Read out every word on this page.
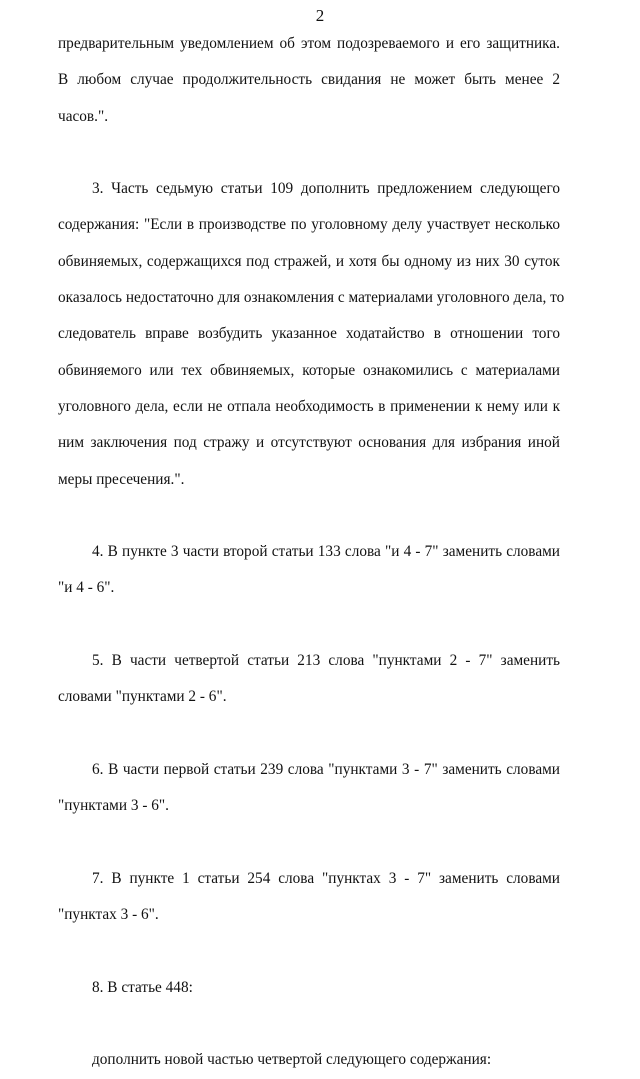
2
предварительным уведомлением об этом подозреваемого и его защитника.
В любом случае продолжительность свидания не может быть менее 2
часов.".
3. Часть седьмую статьи 109 дополнить предложением следующего
содержания: "Если в производстве по уголовному делу участвует несколько
обвиняемых, содержащихся под стражей, и хотя бы одному из них 30 суток
оказалось недостаточно для ознакомления с материалами уголовного дела, то
следователь вправе возбудить указанное ходатайство в отношении того
обвиняемого или тех обвиняемых, которые ознакомились с материалами
уголовного дела, если не отпала необходимость в применении к нему или к
ним заключения под стражу и отсутствуют основания для избрания иной
меры пресечения.".
4. В пункте 3 части второй статьи 133 слова "и 4 - 7" заменить словами
"и 4 - 6".
5. В части четвертой статьи 213 слова "пунктами 2 - 7" заменить
словами "пунктами 2 - 6".
6. В части первой статьи 239 слова "пунктами 3 - 7" заменить словами
"пунктами 3 - 6".
7. В пункте 1 статьи 254 слова "пунктах 3 - 7" заменить словами
"пунктах 3 - 6".
8. В статье 448:
дополнить новой частью четвертой следующего содержания:
